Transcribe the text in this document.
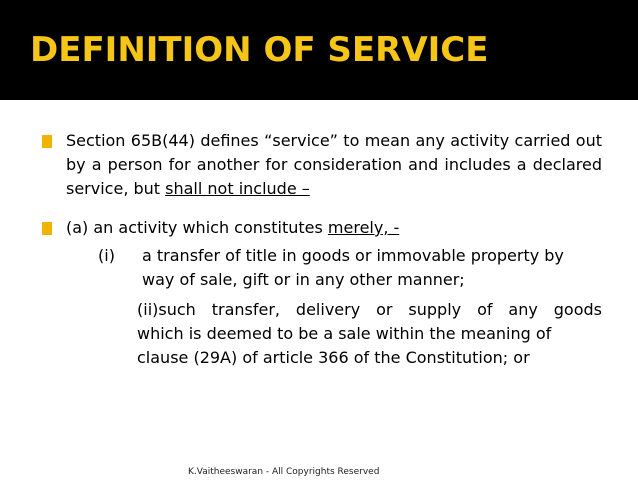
DEFINITION OF SERVICE
Section 65B(44) defines “service” to mean any activity carried out by a person for another for consideration and includes a declared service, but shall not include –
(a) an activity which constitutes merely, -
(i) a transfer of title in goods or immovable property by
way of sale, gift or in any other manner;
(ii)such transfer, delivery or supply of any goods
which is deemed to be a sale within the meaning of
clause (29A) of article 366 of the Constitution; or
K.Vaitheeswaran - All Copyrights Reserved
